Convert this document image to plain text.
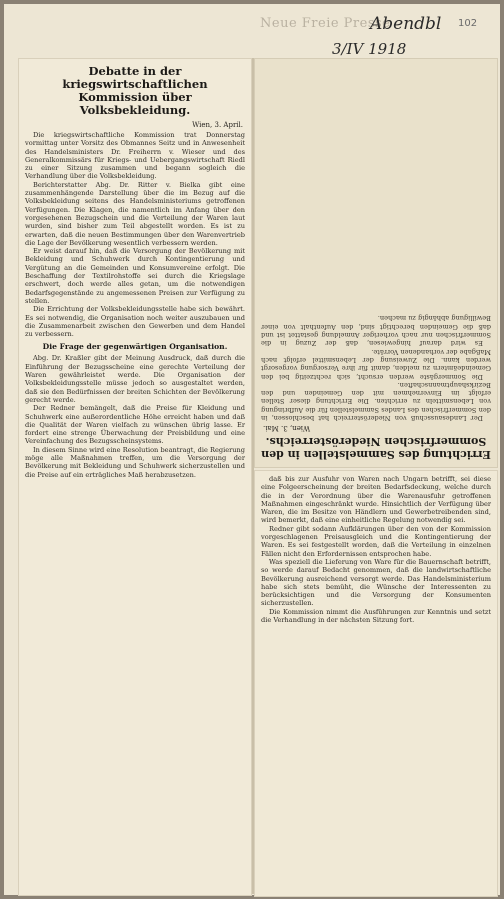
Neue Freie Presse
Abendbl
3/IV 1918
102
Debatte in der kriegswirtschaftlichen Kommission über Volksbekleidung.
Wien, 3. April.

Die kriegswirtschaftliche Kommission trat Donnerstag vormittag unter Vorsitz des Obmannes Seitz und in Anwesenheit des Handelsministers Dr. Freiherrn v. Wieser und des Generalkommissärs für Kriegs- und Uebergangswirtschaft Riedl zu einer Sitzung zusammen und begann sogleich die Verhandlung über die Volksbekleidung.

Berichterstatter Abg. Dr. Ritter v. Bielka gibt eine zusammenhängende Darstellung über die im Bezug auf die Volksbekleidung seitens des Handelsministeriums getroffenen Verfügungen. Die Klagen, die namentlich im Anfang über den vorgesehenen Bezugschein und die Verteilung der Waren laut wurden, sind bisher zum Teil abgestellt worden. Es ist zu erwarten, daß die neuen Bestimmungen über den Warenvertrieb die Lage der Bevölkerung wesentlich verbessern werden.

Er weist darauf hin, daß die Versorgung der Bevölkerung mit Bekleidung und Schuhwerk durch Kontingentierung und Vergütung an die Gemeinden und Konsumvereine erfolgt. Die Beschaffung der Textilrohstoffe sei durch die Kriegslage erschwert, doch werde alles getan, um die notwendigen Bedarfsgegenstände zu angemessenen Preisen zur Verfügung zu stellen.

Die Errichtung der Volksbekleidungsstelle habe sich bewährt. Es sei notwendig, die Organisation noch weiter auszubauen und die Zusammenarbeit zwischen den Gewerben und dem Handel zu verbessern.

Die Frage der gegenwärtigen Organisation.

Abg. Dr. Kraßler gibt der Meinung Ausdruck, daß durch die Einführung der Bezugsscheine eine gerechte Verteilung der Waren gewährleistet werde. Die Organisation der Volksbekleidungsstelle müsse jedoch so ausgestaltet werden, daß sie den Bedürfnissen der breiten Schichten der Bevölkerung gerecht werde.

Der Redner bemängelt, daß die Preise für Kleidung und Schuhwerk eine außerordentliche Höhe erreicht haben und daß die Qualität der Waren vielfach zu wünschen übrig lasse. Er fordert eine strenge Überwachung der Preisbildung und eine Vereinfachung des Bezugsscheinsystems.

In diesem Sinne wird eine Resolution beantragt, die Regierung möge alle Maßnahmen treffen, um die Versorgung der Bevölkerung mit Bekleidung und Schuhwerk sicherzustellen und die Preise auf ein erträgliches Maß herabzusetzen.

Errichtung des Sammelstellen in den Sommerfrischen Niederösterreichs.
Wien, 3. Mai.

Der Landesausschuß von Niederösterreich hat beschlossen, in den Sommerfrischen des Landes Sammelstellen für die Aufbringung von Lebensmitteln zu errichten. Die Errichtung dieser Stellen erfolgt im Einvernehmen mit den Gemeinden und den Bezirkshauptmannschaften.

Die Sommergäste werden ersucht, sich rechtzeitig bei den Gemeindeämtern zu melden, damit für ihre Versorgung vorgesorgt werden kann. Die Zuweisung der Lebensmittel erfolgt nach Maßgabe der vorhandenen Vorräte.

Es wird darauf hingewiesen, daß der Zuzug in die Sommerfrischen nur nach vorheriger Anmeldung gestattet ist und daß die Gemeinden berechtigt sind, den Aufenthalt von einer Bewilligung abhängig zu machen.

daß bis zur Ausfuhr von Waren nach Ungarn betrifft, sei diese eine Folgeerscheinung der breiten Bedarfsdeckung, welche durch die in der Verordnung über die Warenausfuhr getroffenen Maßnahmen eingeschränkt wurde. Hinsichtlich der Verfügung über Waren, die im Besitze von Händlern und Gewerbetreibenden sind, wird bemerkt, daß eine einheitliche Regelung notwendig sei.

Redner gibt sodann Aufklärungen über den von der Kommission vorgeschlagenen Preisausgleich und die Kontingentierung der Waren. Es sei festgestellt worden, daß die Verteilung in einzelnen Fällen nicht den Erfordernissen entsprochen habe.

Was speziell die Lieferung von Ware für die Bauernschaft betrifft, so werde darauf Bedacht genommen, daß die landwirtschaftliche Bevölkerung ausreichend versorgt werde. Das Handelsministerium habe sich stets bemüht, die Wünsche der Interessenten zu berücksichtigen und die Versorgung der Konsumenten sicherzustellen.

Die Kommission nimmt die Ausführungen zur Kenntnis und setzt die Verhandlung in der nächsten Sitzung fort.
